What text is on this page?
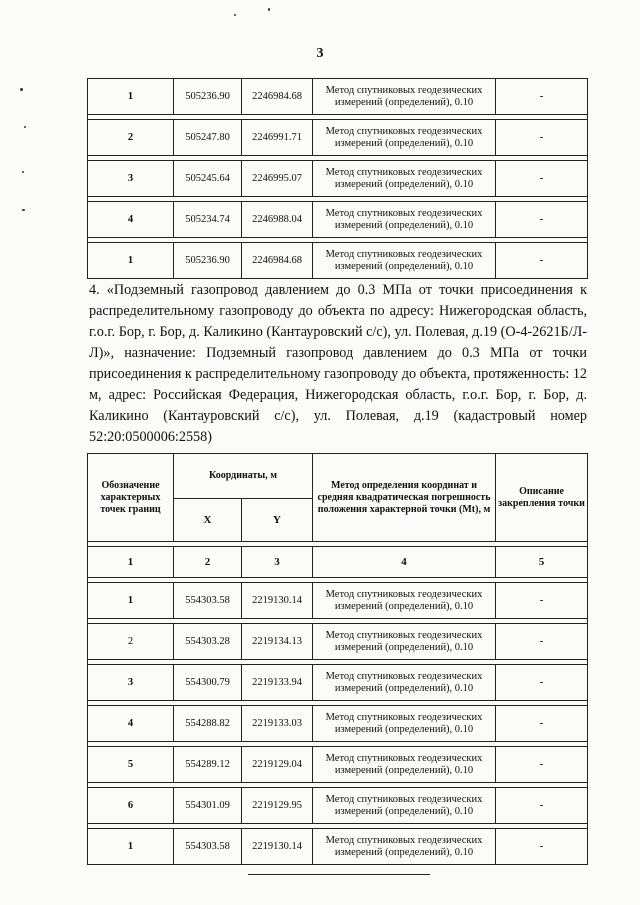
3
1	505236.90	2246984.68	Метод спутниковых геодезических измерений (определений), 0.10	-

2	505247.80	2246991.71	Метод спутниковых геодезических измерений (определений), 0.10	-

3	505245.64	2246995.07	Метод спутниковых геодезических измерений (определений), 0.10	-

4	505234.74	2246988.04	Метод спутниковых геодезических измерений (определений), 0.10	-

1	505236.90	2246984.68	Метод спутниковых геодезических измерений (определений), 0.10	-
4. «Подземный газопровод давлением до 0.3 МПа от точки присоединения к распределительному газопроводу до объекта по адресу: Нижегородская область, г.о.г. Бор, г. Бор, д. Каликино (Кантауровский с/с), ул. Полевая, д.19 (О-4-2621Б/Л-Л)», назначение: Подземный газопровод давлением до 0.3 МПа от точки присоединения к распределительному газопроводу до объекта, протяженность: 12 м, адрес: Российская Федерация, Нижегородская область, г.о.г. Бор, г. Бор, д. Каликино (Кантауровский с/с), ул. Полевая, д.19 (кадастровый номер 52:20:0500006:2558)
Обозначение характерных точек границ	Координаты, м		Метод определения координат и средняя квадратическая погрешность положения характерной точки (Mt), м	Описание закрепления точки
	X	Y		

1	2	3	4	5

1	554303.58	2219130.14	Метод спутниковых геодезических измерений (определений), 0.10	-

2	554303.28	2219134.13	Метод спутниковых геодезических измерений (определений), 0.10	-

3	554300.79	2219133.94	Метод спутниковых геодезических измерений (определений), 0.10	-

4	554288.82	2219133.03	Метод спутниковых геодезических измерений (определений), 0.10	-

5	554289.12	2219129.04	Метод спутниковых геодезических измерений (определений), 0.10	-

6	554301.09	2219129.95	Метод спутниковых геодезических измерений (определений), 0.10	-

1	554303.58	2219130.14	Метод спутниковых геодезических измерений (определений), 0.10	-
